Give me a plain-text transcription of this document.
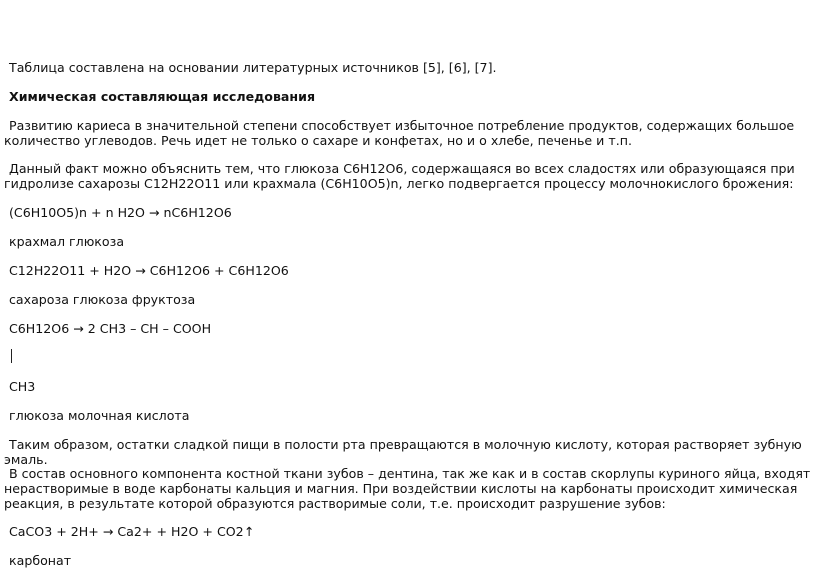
Таблица составлена на основании литературных источников [5], [6], [7].
Химическая составляющая исследования
Развитию кариеса в значительной степени способствует избыточное потребление продуктов, содержащих большое количество углеводов. Речь идет не только о сахаре и конфетах, но и о хлебе, печенье и т.п.
Данный факт можно объяснить тем, что глюкоза C6H12O6, содержащаяся во всех сладостях или образующаяся при гидролизе сахарозы C12H22O11 или крахмала (C6H10O5)n, легко подвергается процессу молочнокислого брожения:
(C6H10O5)n + n H2O → nC6H12O6
крахмал глюкоза
C12H22O11 + H2O → C6H12O6 + C6H12O6
сахароза глюкоза фруктоза
C6H12O6 → 2 CH3 – CH – COOH
CH3
глюкоза молочная кислота
Таким образом, остатки сладкой пищи в полости рта превращаются в молочную кислоту, которая растворяет зубную эмаль.
В состав основного компонента костной ткани зубов – дентина, так же как и в состав скорлупы куриного яйца, входят нерастворимые в воде карбонаты кальция и магния. При воздействии кислоты на карбонаты происходит химическая реакция, в результате которой образуются растворимые соли, т.е. происходит разрушение зубов:
CaCO3 + 2H+ → Ca2+ + H2O + CO2↑
карбонат
